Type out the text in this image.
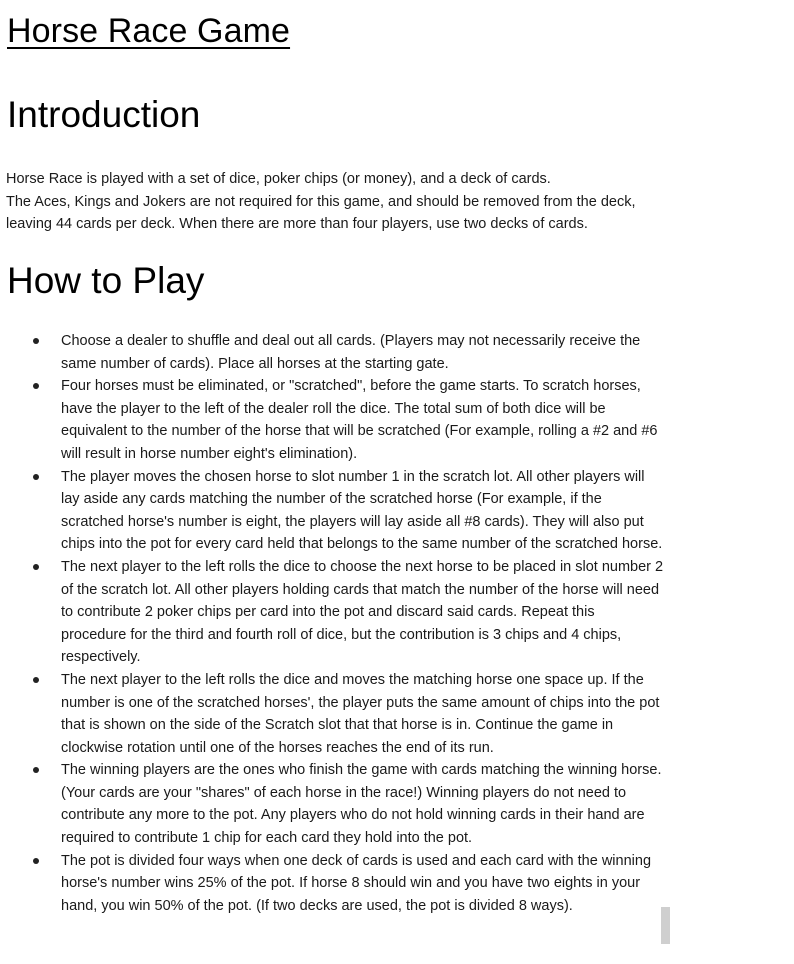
Horse Race Game
Introduction

Horse Race is played with a set of dice, poker chips (or money), and a deck of cards.
The Aces, Kings and Jokers are not required for this game, and should be removed from the deck,
leaving 44 cards per deck. When there are more than four players, use two decks of cards.

How to Play
Choose a dealer to shuffle and deal out all cards. (Players may not necessarily receive the
same number of cards). Place all horses at the starting gate.
Four horses must be eliminated, or "scratched", before the game starts. To scratch horses,
have the player to the left of the dealer roll the dice. The total sum of both dice will be
equivalent to the number of the horse that will be scratched (For example, rolling a #2 and #6
will result in horse number eight's elimination).
The player moves the chosen horse to slot number 1 in the scratch lot. All other players will
lay aside any cards matching the number of the scratched horse (For example, if the
scratched horse's number is eight, the players will lay aside all #8 cards). They will also put
chips into the pot for every card held that belongs to the same number of the scratched horse.
The next player to the left rolls the dice to choose the next horse to be placed in slot number 2
of the scratch lot. All other players holding cards that match the number of the horse will need
to contribute 2 poker chips per card into the pot and discard said cards. Repeat this
procedure for the third and fourth roll of dice, but the contribution is 3 chips and 4 chips,
respectively.
The next player to the left rolls the dice and moves the matching horse one space up. If the
number is one of the scratched horses', the player puts the same amount of chips into the pot
that is shown on the side of the Scratch slot that that horse is in. Continue the game in
clockwise rotation until one of the horses reaches the end of its run.
The winning players are the ones who finish the game with cards matching the winning horse.
(Your cards are your "shares" of each horse in the race!) Winning players do not need to
contribute any more to the pot. Any players who do not hold winning cards in their hand are
required to contribute 1 chip for each card they hold into the pot.
The pot is divided four ways when one deck of cards is used and each card with the winning
horse's number wins 25% of the pot. If horse 8 should win and you have two eights in your
hand, you win 50% of the pot. (If two decks are used, the pot is divided 8 ways).
